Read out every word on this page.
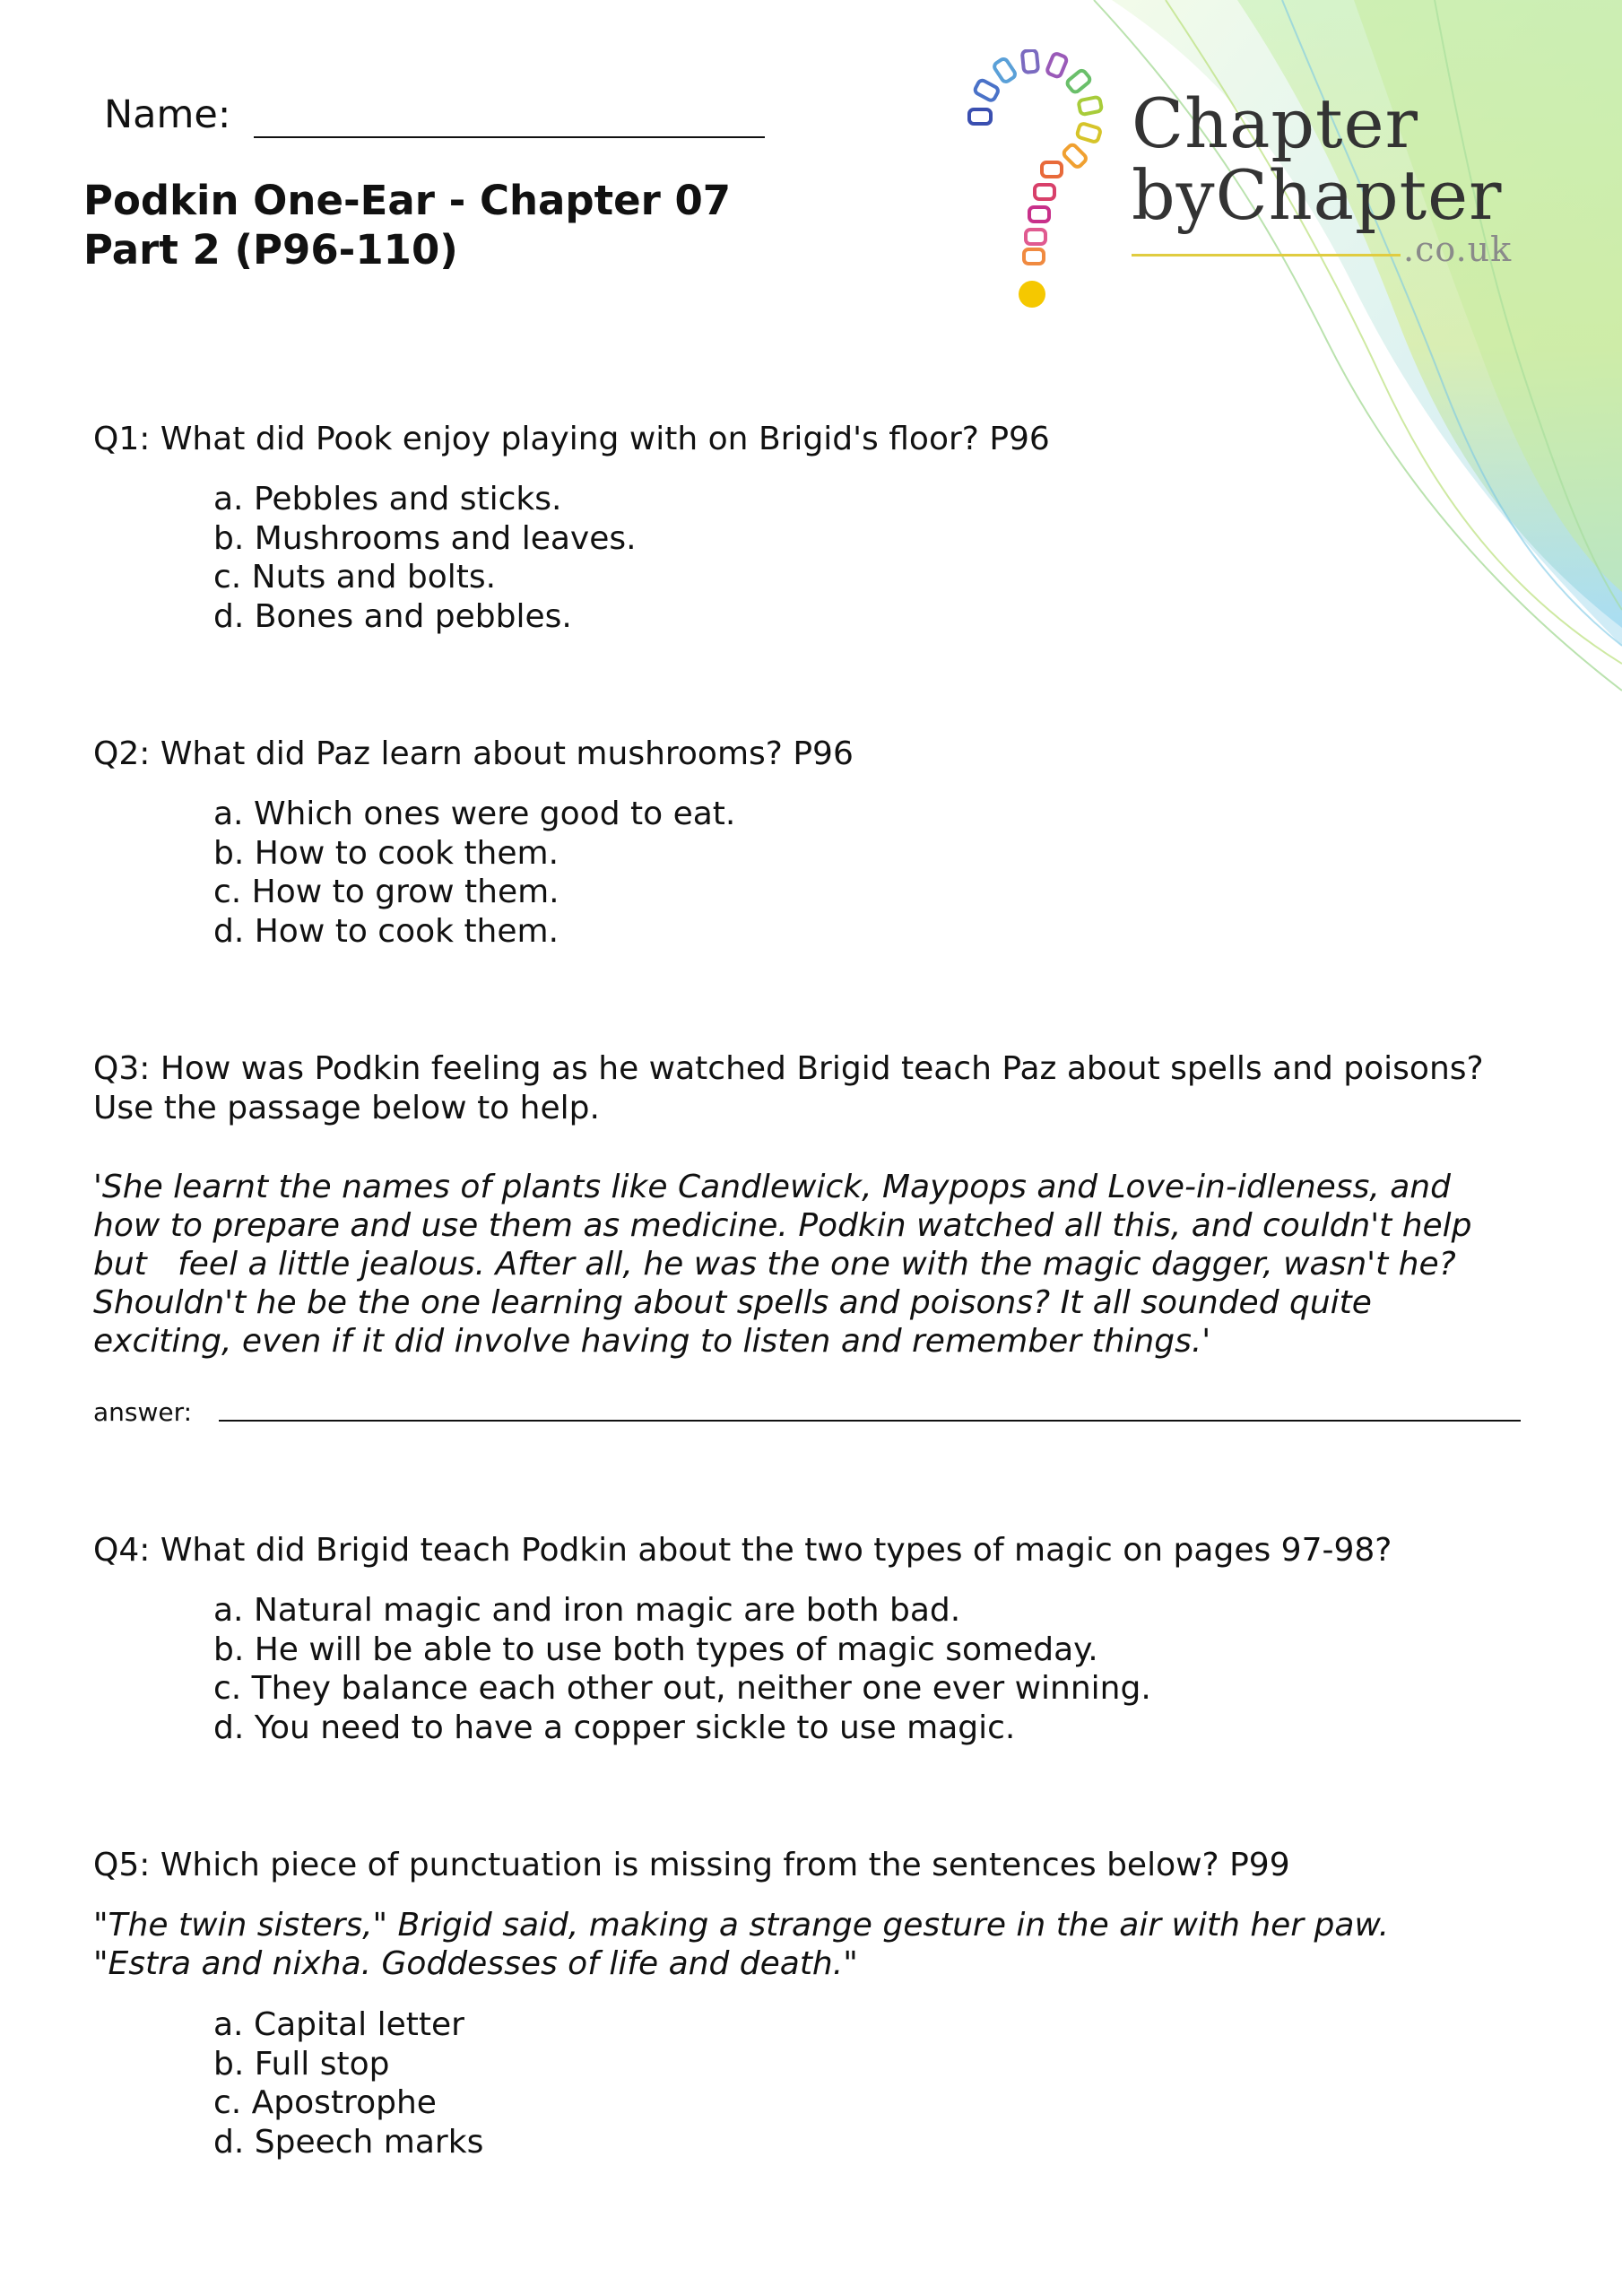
Chapter
byChapter
.co.uk
Name:
Podkin One-Ear - Chapter 07
Part 2 (P96-110)
Q1: What did Pook enjoy playing with on Brigid's floor? P96
a. Pebbles and sticks.
b. Mushrooms and leaves.
c. Nuts and bolts.
d. Bones and pebbles.
Q2: What did Paz learn about mushrooms? P96
a. Which ones were good to eat.
b. How to cook them.
c. How to grow them.
d. How to cook them.
Q3: How was Podkin feeling as he watched Brigid teach Paz about spells and poisons?
Use the passage below to help.
'She learnt the names of plants like Candlewick, Maypops and Love-in-idleness, and
how to prepare and use them as medicine. Podkin watched all this, and couldn't help
but   feel a little jealous. After all, he was the one with the magic dagger, wasn't he?
Shouldn't he be the one learning about spells and poisons? It all sounded quite
exciting, even if it did involve having to listen and remember things.'
answer:
Q4: What did Brigid teach Podkin about the two types of magic on pages 97-98?
a. Natural magic and iron magic are both bad.
b. He will be able to use both types of magic someday.
c. They balance each other out, neither one ever winning.
d. You need to have a copper sickle to use magic.
Q5: Which piece of punctuation is missing from the sentences below? P99
"The twin sisters," Brigid said, making a strange gesture in the air with her paw.
"Estra and nixha. Goddesses of life and death."
a. Capital letter
b. Full stop
c. Apostrophe
d. Speech marks
